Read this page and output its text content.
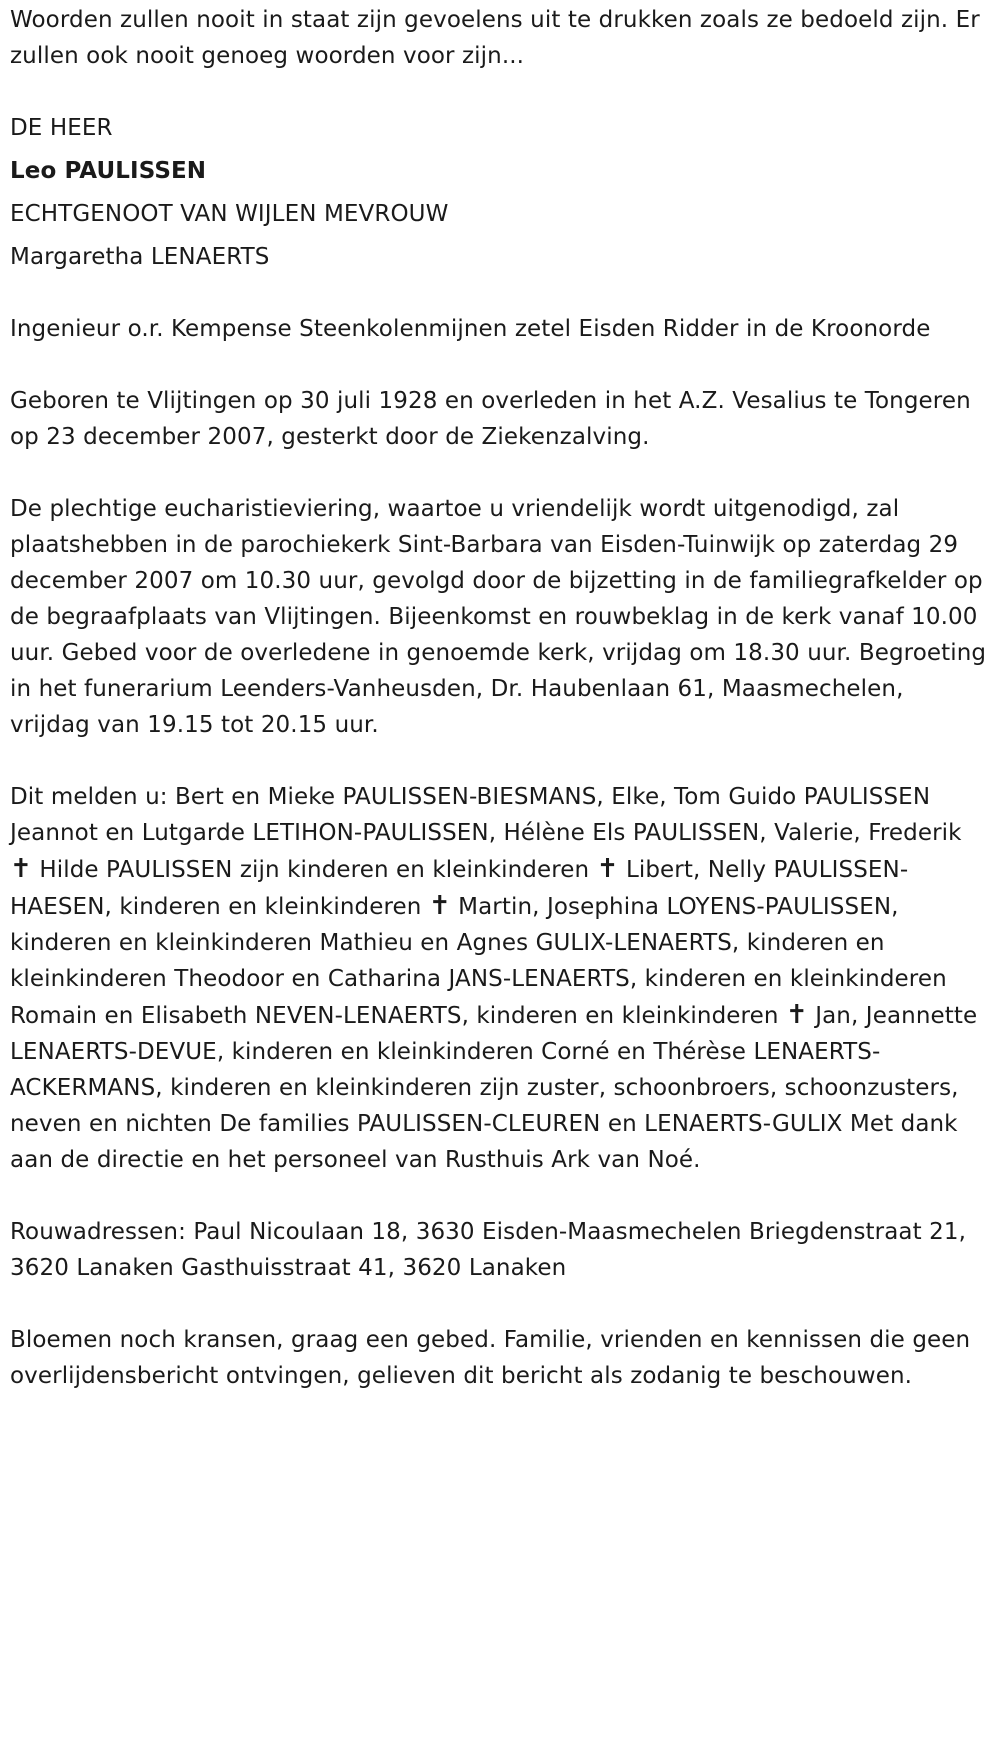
Woorden zullen nooit in staat zijn gevoelens uit te drukken zoals ze bedoeld zijn. Er zullen ook nooit genoeg woorden voor zijn...

DE HEER

Leo PAULISSEN

ECHTGENOOT VAN WIJLEN MEVROUW

Margaretha LENAERTS

Ingenieur o.r. Kempense Steenkolenmijnen zetel Eisden Ridder in de Kroonorde

Geboren te Vlijtingen op 30 juli 1928 en overleden in het A.Z. Vesalius te Tongeren op 23 december 2007, gesterkt door de Ziekenzalving.

De plechtige eucharistieviering, waartoe u vriendelijk wordt uitgenodigd, zal plaatshebben in de parochiekerk Sint-Barbara van Eisden-Tuinwijk op zaterdag 29 december 2007 om 10.30 uur, gevolgd door de bijzetting in de familiegrafkelder op de begraafplaats van Vlijtingen. Bijeenkomst en rouwbeklag in de kerk vanaf 10.00 uur. Gebed voor de overledene in genoemde kerk, vrijdag om 18.30 uur. Begroeting in het funerarium Leenders-Vanheusden, Dr. Haubenlaan 61, Maasmechelen, vrijdag van 19.15 tot 20.15 uur.

Dit melden u: Bert en Mieke PAULISSEN-BIESMANS, Elke, Tom Guido PAULISSEN Jeannot en Lutgarde LETIHON-PAULISSEN, Hélène Els PAULISSEN, Valerie, Frederik ✝ Hilde PAULISSEN zijn kinderen en kleinkinderen ✝ Libert, Nelly PAULISSEN-HAESEN, kinderen en kleinkinderen ✝ Martin, Josephina LOYENS-PAULISSEN, kinderen en kleinkinderen Mathieu en Agnes GULIX-LENAERTS, kinderen en kleinkinderen Theodoor en Catharina JANS-LENAERTS, kinderen en kleinkinderen Romain en Elisabeth NEVEN-LENAERTS, kinderen en kleinkinderen ✝ Jan, Jeannette LENAERTS-DEVUE, kinderen en kleinkinderen Corné en Thérèse LENAERTS-ACKERMANS, kinderen en kleinkinderen zijn zuster, schoonbroers, schoonzusters, neven en nichten De families PAULISSEN-CLEUREN en LENAERTS-GULIX Met dank aan de directie en het personeel van Rusthuis Ark van Noé.

Rouwadressen: Paul Nicoulaan 18, 3630 Eisden-Maasmechelen Briegdenstraat 21, 3620 Lanaken Gasthuisstraat 41, 3620 Lanaken

Bloemen noch kransen, graag een gebed. Familie, vrienden en kennissen die geen overlijdensbericht ontvingen, gelieven dit bericht als zodanig te beschouwen.
